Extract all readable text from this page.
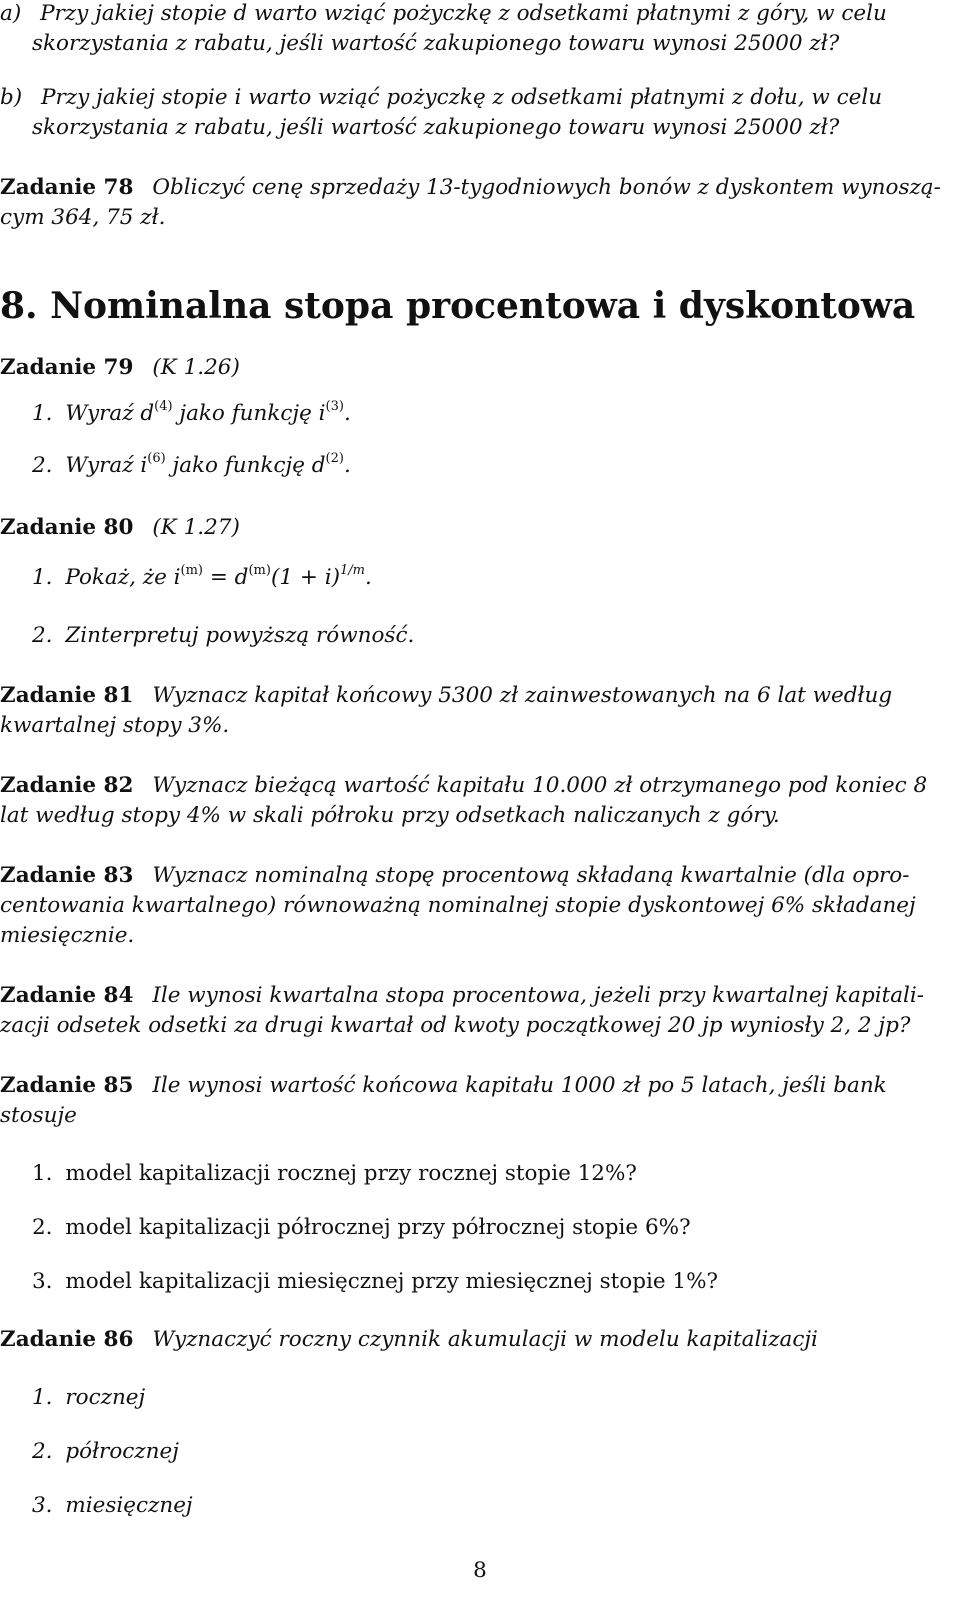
a) Przy jakiej stopie d warto wziąć pożyczkę z odsetkami płatnymi z góry, w celu
skorzystania z rabatu, jeśli wartość zakupionego towaru wynosi 25000 zł?
b) Przy jakiej stopie i warto wziąć pożyczkę z odsetkami płatnymi z dołu, w celu
skorzystania z rabatu, jeśli wartość zakupionego towaru wynosi 25000 zł?
Zadanie 78 Obliczyć cenę sprzedaży 13-tygodniowych bonów z dyskontem wynoszą-
cym 364, 75 zł.
8. Nominalna stopa procentowa i dyskontowa
Zadanie 79 (K 1.26)
1. Wyraź $d^{(4)}$ jako funkcję $i^{(3)}$.
2. Wyraź $i^{(6)}$ jako funkcję $d^{(2)}$.
Zadanie 80 (K 1.27)
1. Pokaż, że $i^{(m)} = d^{(m)}(1 + i)^{1/m}$.
2. Zinterpretuj powyższą równość.
Zadanie 81 Wyznacz kapitał końcowy 5300 zł zainwestowanych na 6 lat według
kwartalnej stopy 3%.
Zadanie 82 Wyznacz bieżącą wartość kapitału 10.000 zł otrzymanego pod koniec 8
lat według stopy 4% w skali półroku przy odsetkach naliczanych z góry.
Zadanie 83 Wyznacz nominalną stopę procentową składaną kwartalnie (dla opro-
centowania kwartalnego) równoważną nominalnej stopie dyskontowej 6% składanej
miesięcznie.
Zadanie 84 Ile wynosi kwartalna stopa procentowa, jeżeli przy kwartalnej kapitali-
zacji odsetek odsetki za drugi kwartał od kwoty początkowej 20 jp wyniosły 2, 2 jp?
Zadanie 85 Ile wynosi wartość końcowa kapitału 1000 zł po 5 latach, jeśli bank
stosuje
1. model kapitalizacji rocznej przy rocznej stopie 12%?
2. model kapitalizacji półrocznej przy półrocznej stopie 6%?
3. model kapitalizacji miesięcznej przy miesięcznej stopie 1%?
Zadanie 86 Wyznaczyć roczny czynnik akumulacji w modelu kapitalizacji
1. rocznej
2. półrocznej
3. miesięcznej
8
